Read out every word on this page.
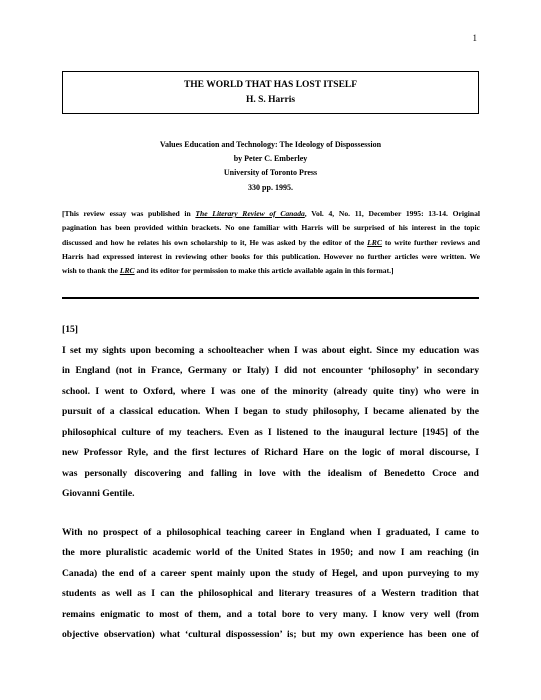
1
THE WORLD THAT HAS LOST ITSELF
H. S. Harris
Values Education and Technology: The Ideology of Dispossession
by Peter C. Emberley
University of Toronto Press
330 pp. 1995.
[This review essay was published in The Literary Review of Canada, Vol. 4, No. 11, December 1995: 13-14. Original
pagination has been provided within brackets. No one familiar with Harris will be surprised of his interest in the topic
discussed and how he relates his own scholarship to it, He was asked by the editor of the LRC to write further reviews and
Harris had expressed interest in reviewing other books for this publication. However no further articles were written. We
wish to thank the LRC and its editor for permission to make this article available again in this format.]
[15]
I set my sights upon becoming a schoolteacher when I was about eight. Since my education was
in England (not in France, Germany or Italy) I did not encounter ‘philosophy’ in secondary
school. I went to Oxford, where I was one of the minority (already quite tiny) who were in
pursuit of a classical education. When I began to study philosophy, I became alienated by the
philosophical culture of my teachers. Even as I listened to the inaugural lecture [1945] of the
new Professor Ryle, and the first lectures of Richard Hare on the logic of moral discourse, I
was personally discovering and falling in love with the idealism of Benedetto Croce and
Giovanni Gentile.
With no prospect of a philosophical teaching career in England when I graduated, I came to
the more pluralistic academic world of the United States in 1950; and now I am reaching (in
Canada) the end of a career spent mainly upon the study of Hegel, and upon purveying to my
students as well as I can the philosophical and literary treasures of a Western tradition that
remains enigmatic to most of them, and a total bore to very many. I know very well (from
objective observation) what ‘cultural dispossession’ is; but my own experience has been one of
